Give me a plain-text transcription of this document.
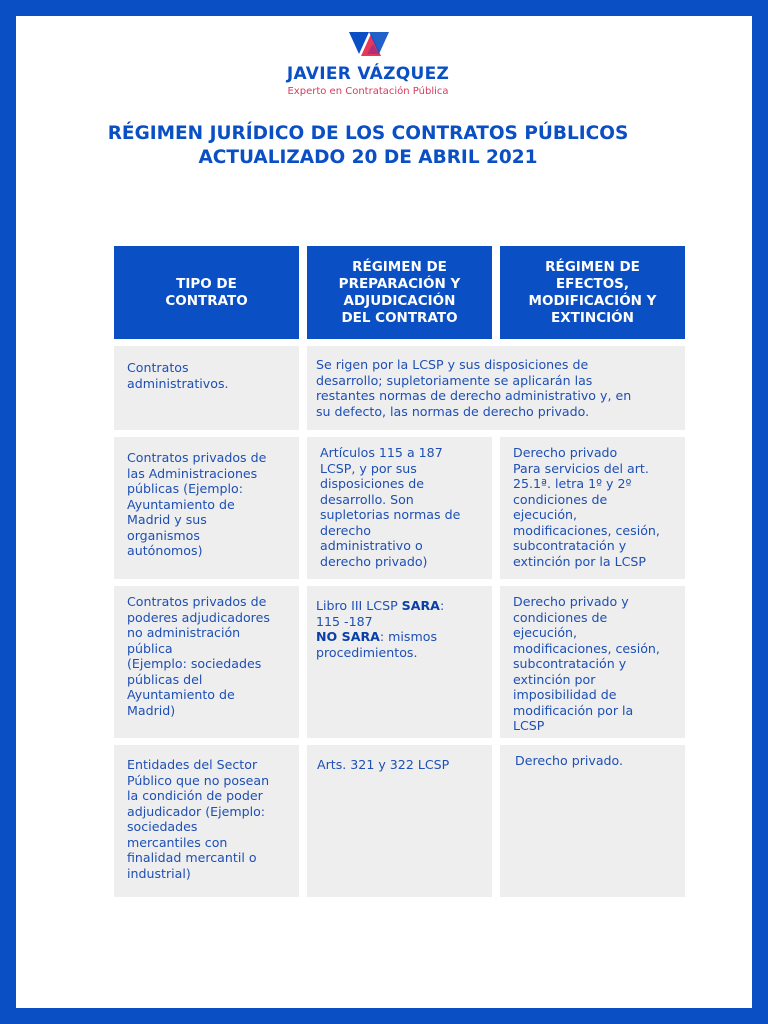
JAVIER VÁZQUEZ
Experto en Contratación Pública
RÉGIMEN JURÍDICO DE LOS CONTRATOS PÚBLICOS
ACTUALIZADO 20 DE ABRIL 2021
TIPO DE
CONTRATO
RÉGIMEN DE
PREPARACIÓN Y
ADJUDICACIÓN
DEL CONTRATO
RÉGIMEN DE
EFECTOS,
MODIFICACIÓN Y
EXTINCIÓN
Contratos
administrativos.
Se rigen por la LCSP y sus disposiciones de
desarrollo; supletoriamente se aplicarán las
restantes normas de derecho administrativo y, en
su defecto, las normas de derecho privado.
Contratos privados de
las Administraciones
públicas (Ejemplo:
Ayuntamiento de
Madrid y sus
organismos
autónomos)
Artículos 115 a 187
LCSP, y por sus
disposiciones de
desarrollo. Son
supletorias normas de
derecho
administrativo o
derecho privado)
Derecho privado
Para servicios del art.
25.1ª. letra 1º y 2º
condiciones de
ejecución,
modificaciones, cesión,
subcontratación y
extinción por la LCSP
Contratos privados de
poderes adjudicadores
no administración
pública
(Ejemplo: sociedades
públicas del
Ayuntamiento de
Madrid)
Libro III LCSP SARA:
115 -187
NO SARA: mismos
procedimientos.
Derecho privado y
condiciones de
ejecución,
modificaciones, cesión,
subcontratación y
extinción por
imposibilidad de
modificación por la
LCSP
Entidades del Sector
Público que no posean
la condición de poder
adjudicador (Ejemplo:
sociedades
mercantiles con
finalidad mercantil o
industrial)
Arts. 321 y 322 LCSP	Derecho privado.
